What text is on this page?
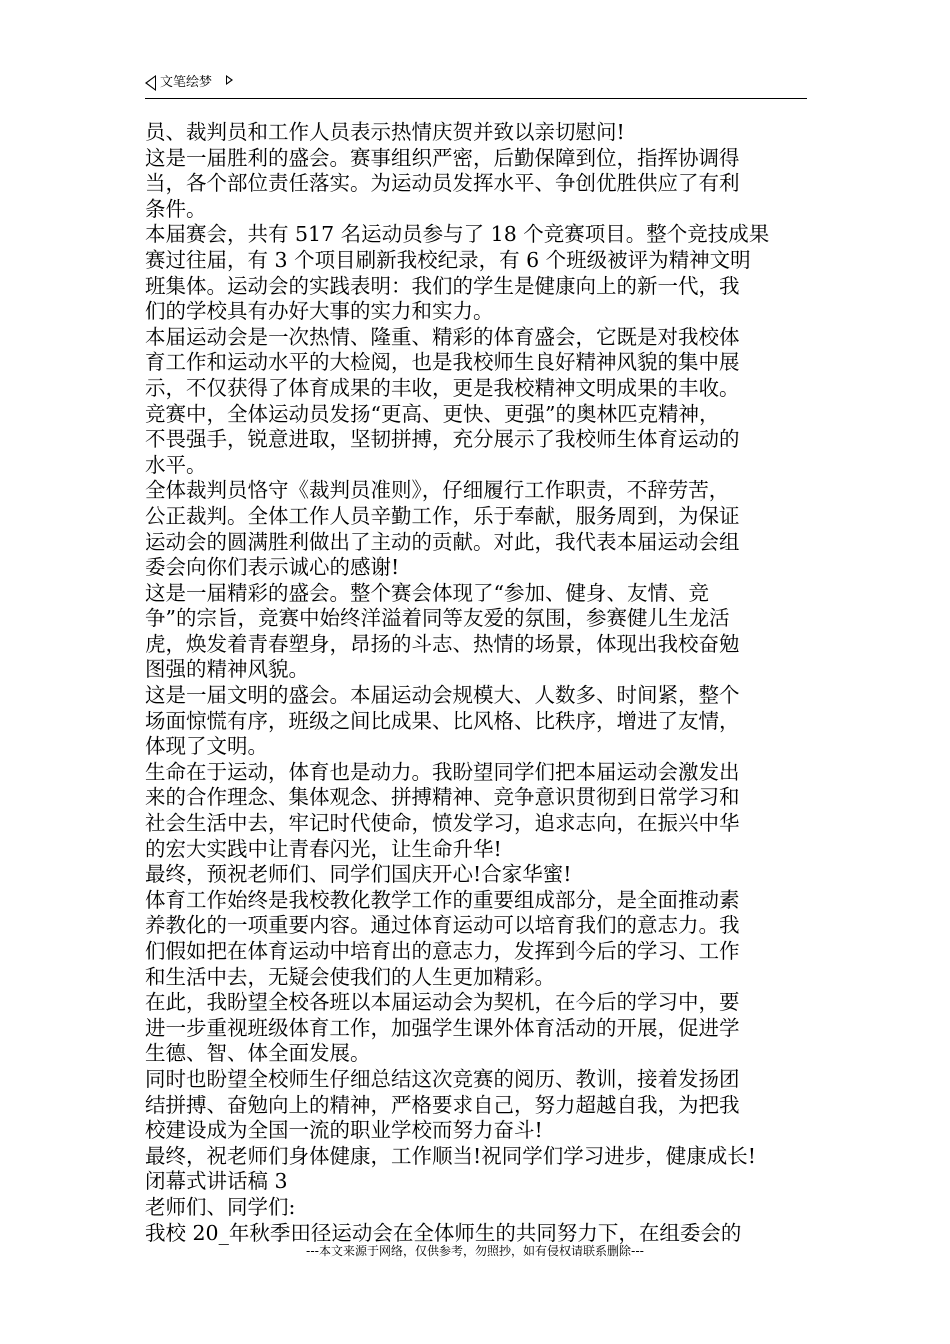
文笔绘梦
员、裁判员和工作人员表示热情庆贺并致以亲切慰问!
这是一届胜利的盛会。赛事组织严密，后勤保障到位，指挥协调得
当，各个部位责任落实。为运动员发挥水平、争创优胜供应了有利
条件。
本届赛会，共有 517 名运动员参与了 18 个竞赛项目。整个竞技成果
赛过往届，有 3 个项目刷新我校纪录，有 6 个班级被评为精神文明
班集体。运动会的实践表明：我们的学生是健康向上的新一代，我
们的学校具有办好大事的实力和实力。
本届运动会是一次热情、隆重、精彩的体育盛会，它既是对我校体
育工作和运动水平的大检阅，也是我校师生良好精神风貌的集中展
示，不仅获得了体育成果的丰收，更是我校精神文明成果的丰收。
竞赛中，全体运动员发扬“更高、更快、更强”的奥林匹克精神，
不畏强手，锐意进取，坚韧拼搏，充分展示了我校师生体育运动的
水平。
全体裁判员恪守《裁判员准则》，仔细履行工作职责，不辞劳苦，
公正裁判。全体工作人员辛勤工作，乐于奉献，服务周到，为保证
运动会的圆满胜利做出了主动的贡献。对此，我代表本届运动会组
委会向你们表示诚心的感谢!
这是一届精彩的盛会。整个赛会体现了“参加、健身、友情、竞
争”的宗旨，竞赛中始终洋溢着同等友爱的氛围，参赛健儿生龙活
虎，焕发着青春塑身，昂扬的斗志、热情的场景，体现出我校奋勉
图强的精神风貌。
这是一届文明的盛会。本届运动会规模大、人数多、时间紧，整个
场面惊慌有序，班级之间比成果、比风格、比秩序，增进了友情，
体现了文明。
生命在于运动，体育也是动力。我盼望同学们把本届运动会激发出
来的合作理念、集体观念、拼搏精神、竞争意识贯彻到日常学习和
社会生活中去，牢记时代使命，愤发学习，追求志向，在振兴中华
的宏大实践中让青春闪光，让生命升华!
最终，预祝老师们、同学们国庆开心!合家华蜜!
体育工作始终是我校教化教学工作的重要组成部分，是全面推动素
养教化的一项重要内容。通过体育运动可以培育我们的意志力。我
们假如把在体育运动中培育出的意志力，发挥到今后的学习、工作
和生活中去，无疑会使我们的人生更加精彩。
在此，我盼望全校各班以本届运动会为契机，在今后的学习中，要
进一步重视班级体育工作，加强学生课外体育活动的开展，促进学
生德、智、体全面发展。
同时也盼望全校师生仔细总结这次竞赛的阅历、教训，接着发扬团
结拼搏、奋勉向上的精神，严格要求自己，努力超越自我，为把我
校建设成为全国一流的职业学校而努力奋斗!
最终，祝老师们身体健康，工作顺当!祝同学们学习进步，健康成长!
闭幕式讲话稿 3
老师们、同学们:
我校 20_年秋季田径运动会在全体师生的共同努力下，在组委会的
---本文来源于网络，仅供参考，勿照抄，如有侵权请联系删除---
